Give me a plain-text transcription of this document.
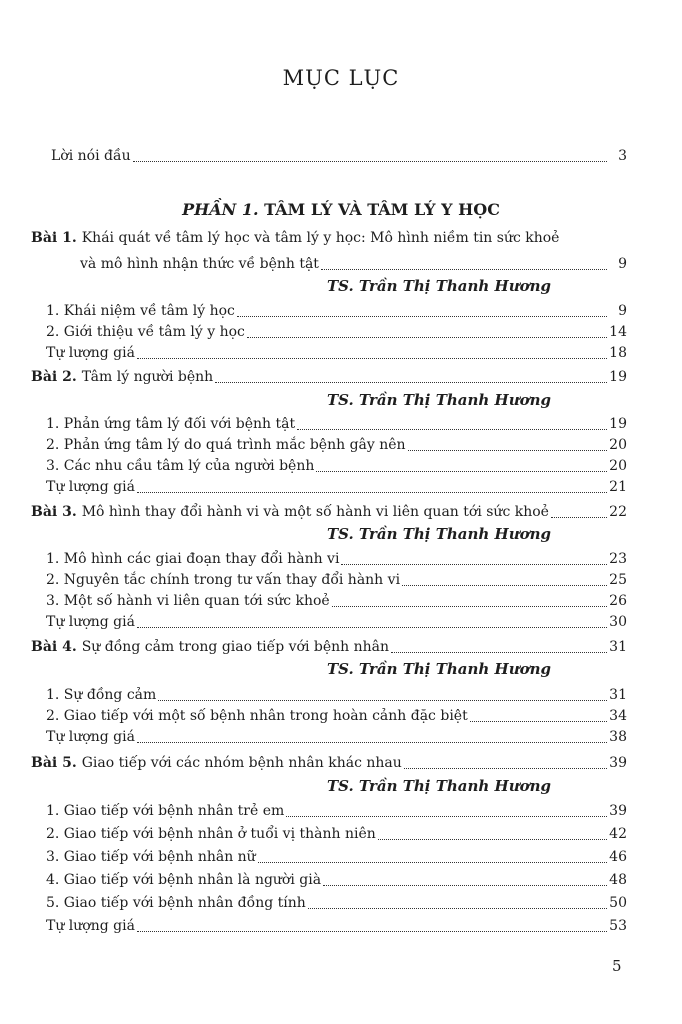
MỤC LỤC
Lời nói đầu	3
PHẦN 1. TÂM LÝ VÀ TÂM LÝ Y HỌC
Bài 1. Khái quát về tâm lý học và tâm lý y học: Mô hình niềm tin sức khoẻ
và mô hình nhận thức về bệnh tật	9
TS. Trần Thị Thanh Hương
1. Khái niệm về tâm lý học	9
2. Giới thiệu về tâm lý y học	14
Tự lượng giá	18
Bài 2. Tâm lý người bệnh	19
TS. Trần Thị Thanh Hương
1. Phản ứng tâm lý đối với bệnh tật	19
2. Phản ứng tâm lý do quá trình mắc bệnh gây nên	20
3. Các nhu cầu tâm lý của người bệnh	20
Tự lượng giá	21
Bài 3. Mô hình thay đổi hành vi và một số hành vi liên quan tới sức khoẻ	22
TS. Trần Thị Thanh Hương
1. Mô hình các giai đoạn thay đổi hành vi	23
2. Nguyên tắc chính trong tư vấn thay đổi hành vi	25
3. Một số hành vi liên quan tới sức khoẻ	26
Tự lượng giá	30
Bài 4. Sự đồng cảm trong giao tiếp với bệnh nhân	31
TS. Trần Thị Thanh Hương
1. Sự đồng cảm	31
2. Giao tiếp với một số bệnh nhân trong hoàn cảnh đặc biệt	34
Tự lượng giá	38
Bài 5. Giao tiếp với các nhóm bệnh nhân khác nhau	39
TS. Trần Thị Thanh Hương
1. Giao tiếp với bệnh nhân trẻ em	39
2. Giao tiếp với bệnh nhân ở tuổi vị thành niên	42
3. Giao tiếp với bệnh nhân nữ	46
4. Giao tiếp với bệnh nhân là người già	48
5. Giao tiếp với bệnh nhân đồng tính	50
Tự lượng giá	53
5
